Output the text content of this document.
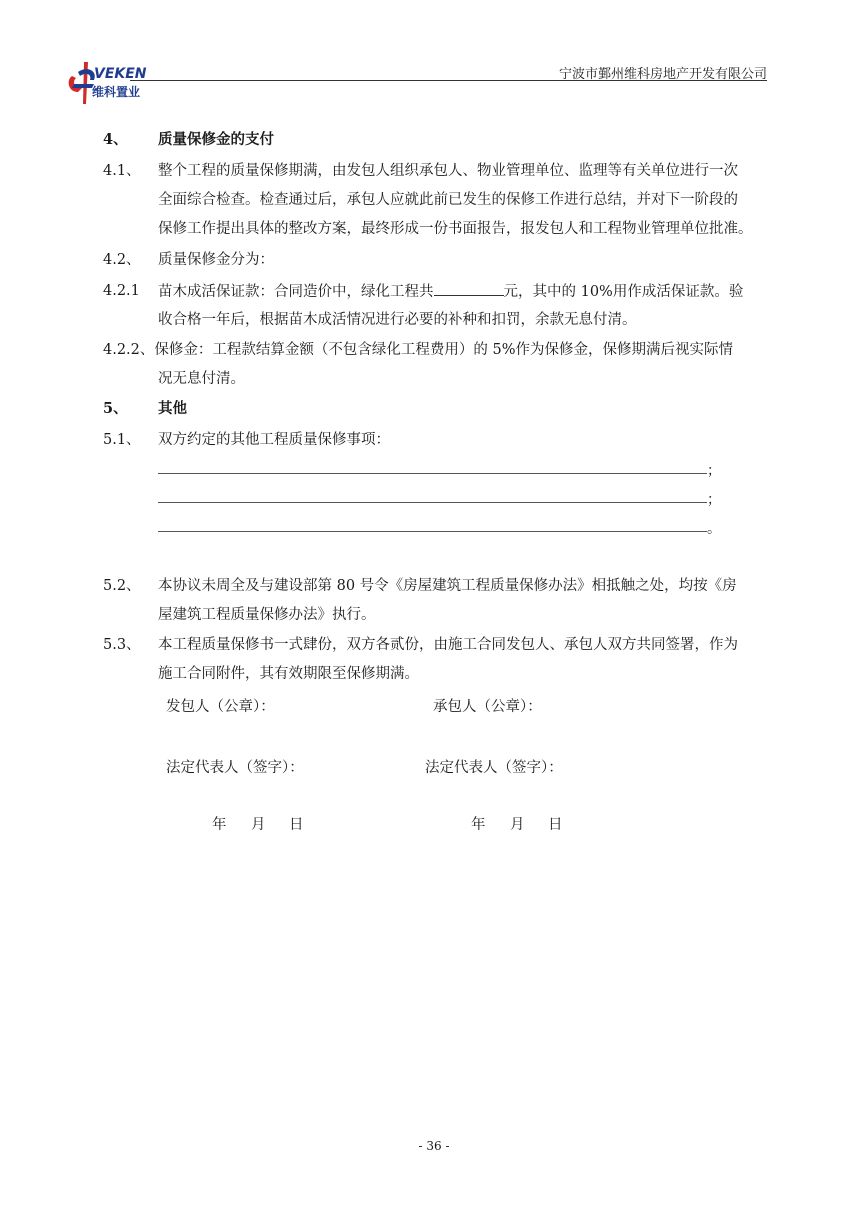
VEKEN
维科置业
宁波市鄞州维科房地产开发有限公司
4、 质量保修金的支付
4.1、 整个工程的质量保修期满，由发包人组织承包人、物业管理单位、监理等有关单位进行一次
全面综合检查。检查通过后，承包人应就此前已发生的保修工作进行总结，并对下一阶段的
保修工作提出具体的整改方案，最终形成一份书面报告，报发包人和工程物业管理单位批准。
4.2、 质量保修金分为：
4.2.1 苗木成活保证款：合同造价中，绿化工程共	元，其中的 10%用作成活保证款。验
收合格一年后，根据苗木成活情况进行必要的补种和扣罚，余款无息付清。
4.2.2、保修金：工程款结算金额（不包含绿化工程费用）的 5%作为保修金，保修期满后视实际情
况无息付清。
5、 其他
5.1、 双方约定的其他工程质量保修事项：
；
；
。
5.2、 本协议未周全及与建设部第 80 号令《房屋建筑工程质量保修办法》相抵触之处，均按《房
屋建筑工程质量保修办法》执行。
5.3、 本工程质量保修书一式肆份，双方各贰份，由施工合同发包人、承包人双方共同签署，作为
施工合同附件，其有效期限至保修期满。
发包人（公章）：	承包人（公章）：
法定代表人（签字）：	法定代表人（签字）：
年 月 日	年 月 日
- 36 -
